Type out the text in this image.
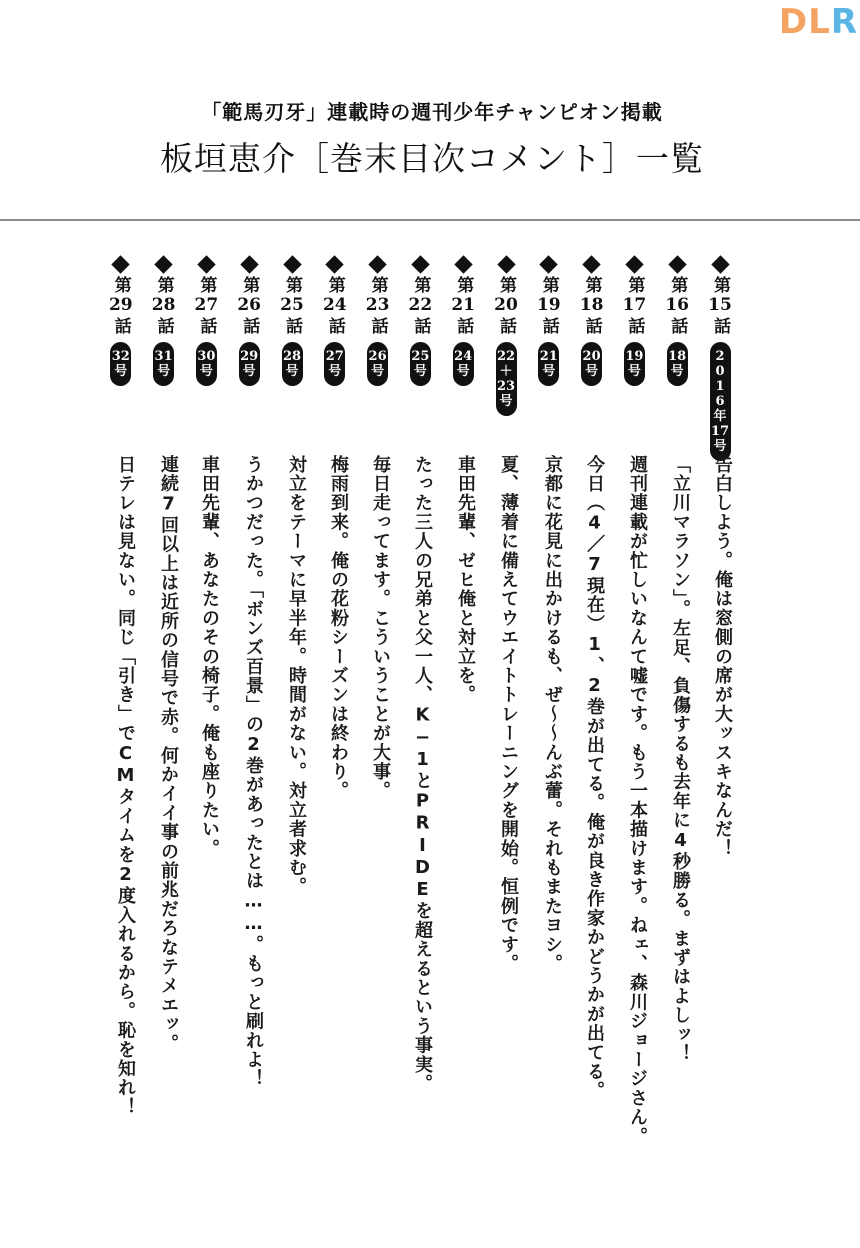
DLR
「範馬刃牙」連載時の週刊少年チャンピオン掲載
板垣恵介［巻末目次コメント］一覧
第
15
話
2
0
1
6
年
17
号
第
16
話
18
号
第
17
話
19
号
第
18
話
20
号
第
19
話
21
号
第
20
話
22
＋
23
号
第
21
話
24
号
第
22
話
25
号
第
23
話
26
号
第
24
話
27
号
第
25
話
28
号
第
26
話
29
号
第
27
話
30
号
第
28
話
31
号
第
29
話
32
号
告白しよう。俺は窓側の席が大ッスキなんだ！
「立川マラソン」。左足、負傷するも去年に4秒勝る。まずはよしッ！
週刊連載が忙しいなんて嘘です。もう一本描けます。ねェ、森川ジョージさん。
今日（4／7現在）1、2巻が出てる。俺が良き作家かどうかが出てる。
京都に花見に出かけるも、ぜ〜〜んぶ蕾。それもまたヨシ。
夏、薄着に備えてウエイトトレーニングを開始。恒例です。
車田先輩、ゼヒ俺と対立を。
たった三人の兄弟と父一人、K−1とPRIDEを超えるという事実。
毎日走ってます。こういうことが大事。
梅雨到来。俺の花粉シーズンは終わり。
対立をテーマに早半年。時間がない。対立者求む。
うかつだった。「ボンズ百景」の2巻があったとは……。もっと刷れよ！
車田先輩、あなたのその椅子。俺も座りたい。
連続7回以上は近所の信号で赤。何かイイ事の前兆だろなテメエッ。
日テレは見ない。同じ「引き」でCMタイムを2度入れるから。恥を知れ！
